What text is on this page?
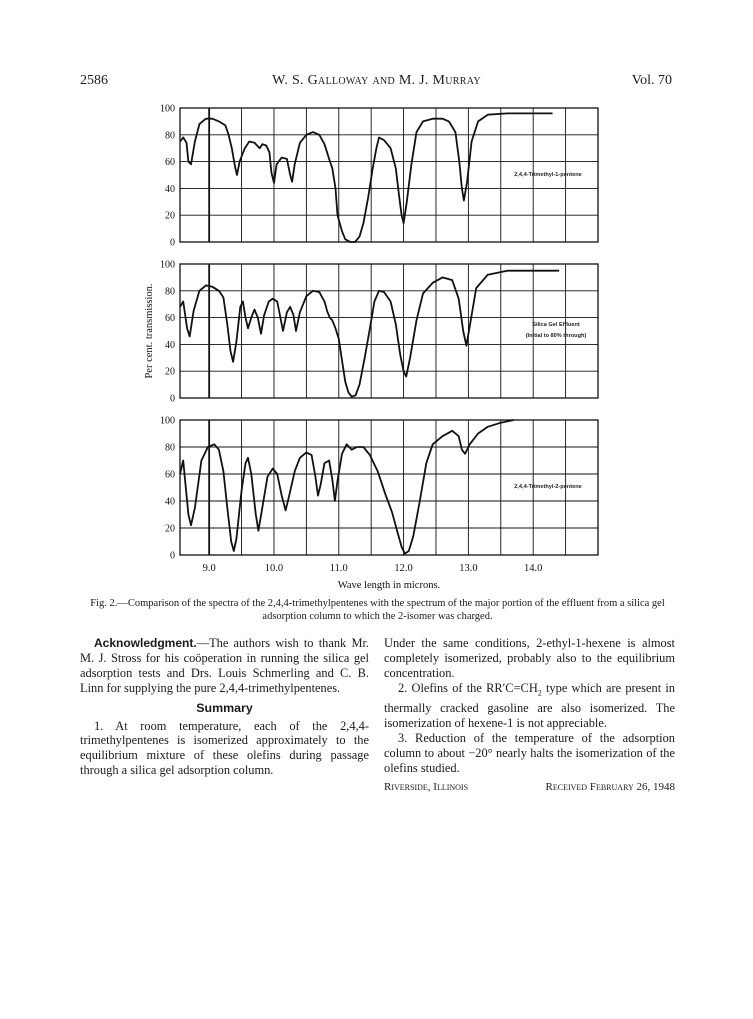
2586	W. S. Galloway and M. J. Murray	Vol. 70
0
20
40
60
80
100
2,4,4-Trimethyl-1-pentene
0
20
40
60
80
100
Silica Gel Effluent
(Initial to 80% through)
0
20
40
60
80
100
2,4,4-Trimethyl-2-pentene
9.0	10.0	11.0	12.0	13.0	14.0
Wave length in microns.
Per cent. transmission.
Fig. 2.—Comparison of the spectra of the 2,4,4-trimethylpentenes with the spectrum of the major portion of the effluent from a silica gel adsorption column to which the 2-isomer was charged.

Acknowledgment.—The authors wish to thank Mr. M. J. Stross for his coöperation in running the silica gel adsorption tests and Drs. Louis Schmerling and C. B. Linn for supplying the pure 2,4,4-trimethylpentenes.

Summary

1. At room temperature, each of the 2,4,4-trimethylpentenes is isomerized approximately to the equilibrium mixture of these olefins during passage through a silica gel adsorption column.

Under the same conditions, 2-ethyl-1-hexene is almost completely isomerized, probably also to the equilibrium concentration.

2. Olefins of the $RR'C=CH_2$ type which are present in thermally cracked gasoline are also isomerized. The isomerization of hexene-1 is not appreciable.

3. Reduction of the temperature of the adsorption column to about −20° nearly halts the isomerization of the olefins studied.

Riverside, Illinois	Received February 26, 1948
